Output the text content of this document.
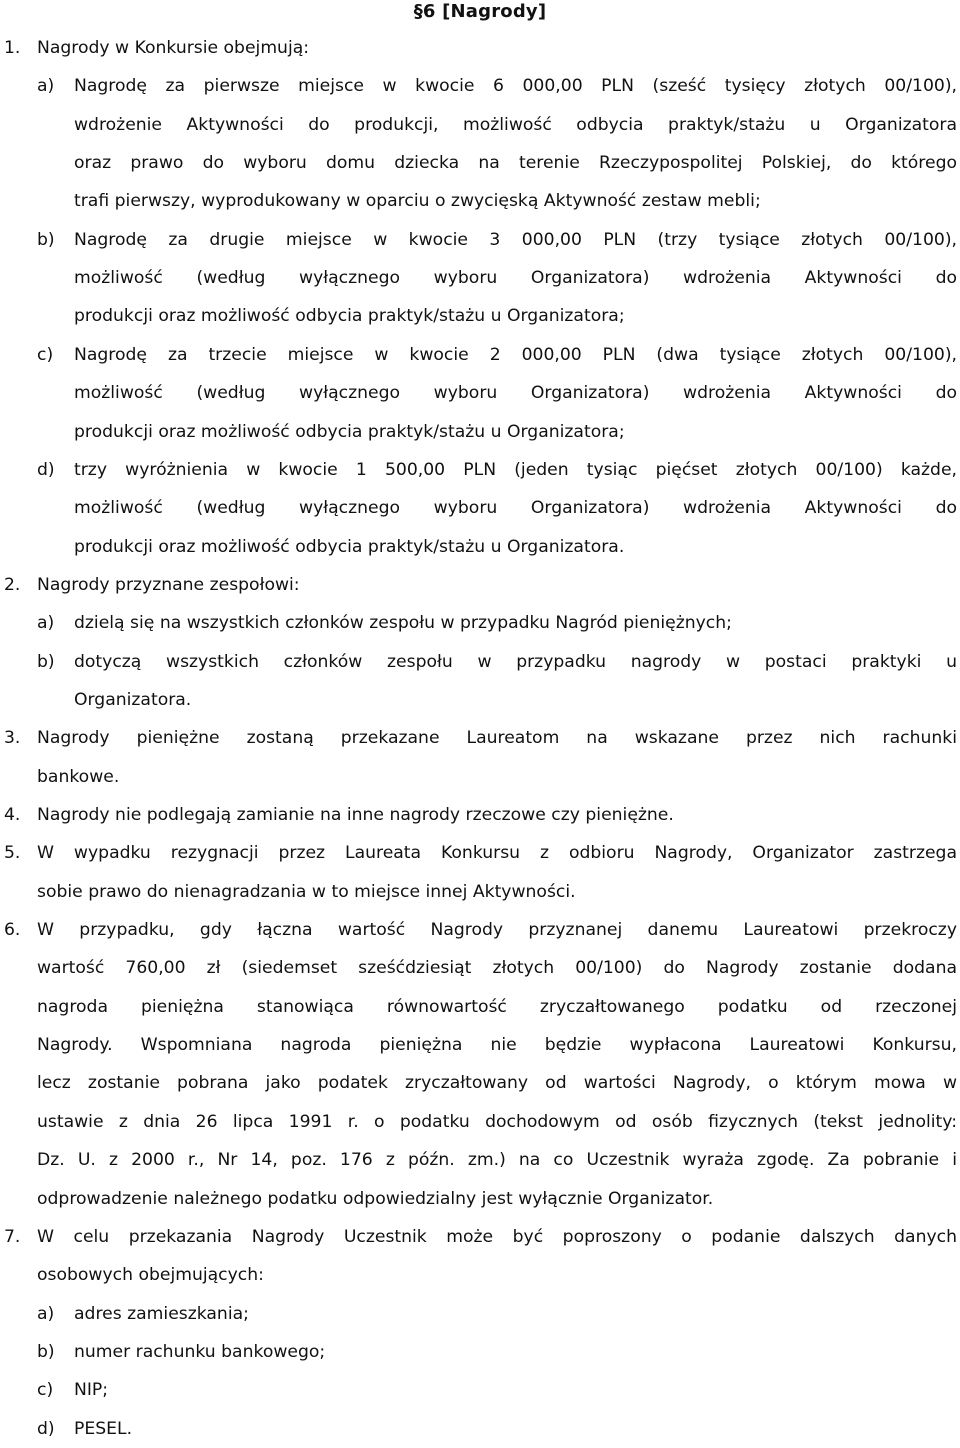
§6 [Nagrody]
1. Nagrody w Konkursie obejmują:
a) Nagrodę za pierwsze miejsce w kwocie 6 000,00 PLN (sześć tysięcy złotych 00/100),
wdrożenie Aktywności do produkcji, możliwość odbycia praktyk/stażu u Organizatora
oraz prawo do wyboru domu dziecka na terenie Rzeczypospolitej Polskiej, do którego
trafi pierwszy, wyprodukowany w oparciu o zwycięską Aktywność zestaw mebli;
b) Nagrodę za drugie miejsce w kwocie 3 000,00 PLN (trzy tysiące złotych 00/100),
możliwość (według wyłącznego wyboru Organizatora) wdrożenia Aktywności do
produkcji oraz możliwość odbycia praktyk/stażu u Organizatora;
c) Nagrodę za trzecie miejsce w kwocie 2 000,00 PLN (dwa tysiące złotych 00/100),
możliwość (według wyłącznego wyboru Organizatora) wdrożenia Aktywności do
produkcji oraz możliwość odbycia praktyk/stażu u Organizatora;
d) trzy wyróżnienia w kwocie 1 500,00 PLN (jeden tysiąc pięćset złotych 00/100) każde,
możliwość (według wyłącznego wyboru Organizatora) wdrożenia Aktywności do
produkcji oraz możliwość odbycia praktyk/stażu u Organizatora.
2. Nagrody przyznane zespołowi:
a) dzielą się na wszystkich członków zespołu w przypadku Nagród pieniężnych;
b) dotyczą wszystkich członków zespołu w przypadku nagrody w postaci praktyki u
Organizatora.
3. Nagrody pieniężne zostaną przekazane Laureatom na wskazane przez nich rachunki
bankowe.
4. Nagrody nie podlegają zamianie na inne nagrody rzeczowe czy pieniężne.
5. W wypadku rezygnacji przez Laureata Konkursu z odbioru Nagrody, Organizator zastrzega
sobie prawo do nienagradzania w to miejsce innej Aktywności.
6. W przypadku, gdy łączna wartość Nagrody przyznanej danemu Laureatowi przekroczy
wartość 760,00 zł (siedemset sześćdziesiąt złotych 00/100) do Nagrody zostanie dodana
nagroda pieniężna stanowiąca równowartość zryczałtowanego podatku od rzeczonej
Nagrody. Wspomniana nagroda pieniężna nie będzie wypłacona Laureatowi Konkursu,
lecz zostanie pobrana jako podatek zryczałtowany od wartości Nagrody, o którym mowa w
ustawie z dnia 26 lipca 1991 r. o podatku dochodowym od osób fizycznych (tekst jednolity:
Dz. U. z 2000 r., Nr 14, poz. 176 z późn. zm.) na co Uczestnik wyraża zgodę. Za pobranie i
odprowadzenie należnego podatku odpowiedzialny jest wyłącznie Organizator.
7. W celu przekazania Nagrody Uczestnik może być poproszony o podanie dalszych danych
osobowych obejmujących:
a) adres zamieszkania;
b) numer rachunku bankowego;
c) NIP;
d) PESEL.
